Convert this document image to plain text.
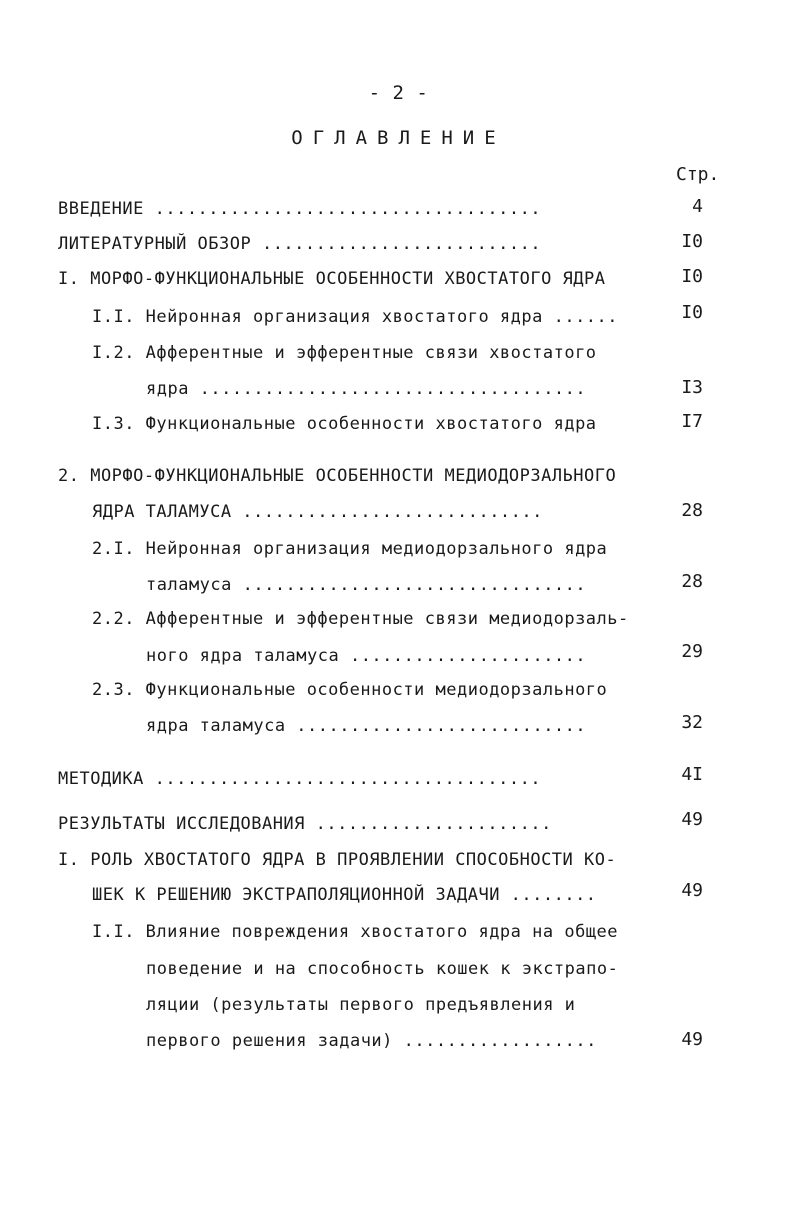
- 2 -
ОГЛАВЛЕНИЕ
Стр.
ВВЕДЕНИЕ ....................................	4
ЛИТЕРАТУРНЫЙ ОБЗОР ..........................	I0
I. МОРФО-ФУНКЦИОНАЛЬНЫЕ ОСОБЕННОСТИ ХВОСТАТОГО ЯДРА	I0
I.I. Нейронная организация хвостатого ядра ......	I0
I.2. Афферентные и эфферентные связи хвостатого
ядра ....................................	I3
I.3. Функциональные особенности хвостатого ядра	I7
2. МОРФО-ФУНКЦИОНАЛЬНЫЕ ОСОБЕННОСТИ МЕДИОДОРЗАЛЬНОГО
ЯДРА ТАЛАМУСА ............................	28
2.I. Нейронная организация медиодорзального ядра
таламуса ................................	28
2.2. Афферентные и эфферентные связи медиодорзаль-
ного ядра таламуса ......................	29
2.3. Функциональные особенности медиодорзального
ядра таламуса ...........................	32
МЕТОДИКА ....................................	4I
РЕЗУЛЬТАТЫ ИССЛЕДОВАНИЯ ......................	49
I. РОЛЬ ХВОСТАТОГО ЯДРА В ПРОЯВЛЕНИИ СПОСОБНОСТИ КО-
ШЕК К РЕШЕНИЮ ЭКСТРАПОЛЯЦИОННОЙ ЗАДАЧИ ........	49
I.I. Влияние повреждения хвостатого ядра на общее
поведение и на способность кошек к экстрапо-
ляции (результаты первого предъявления и
первого решения задачи) ..................	49
